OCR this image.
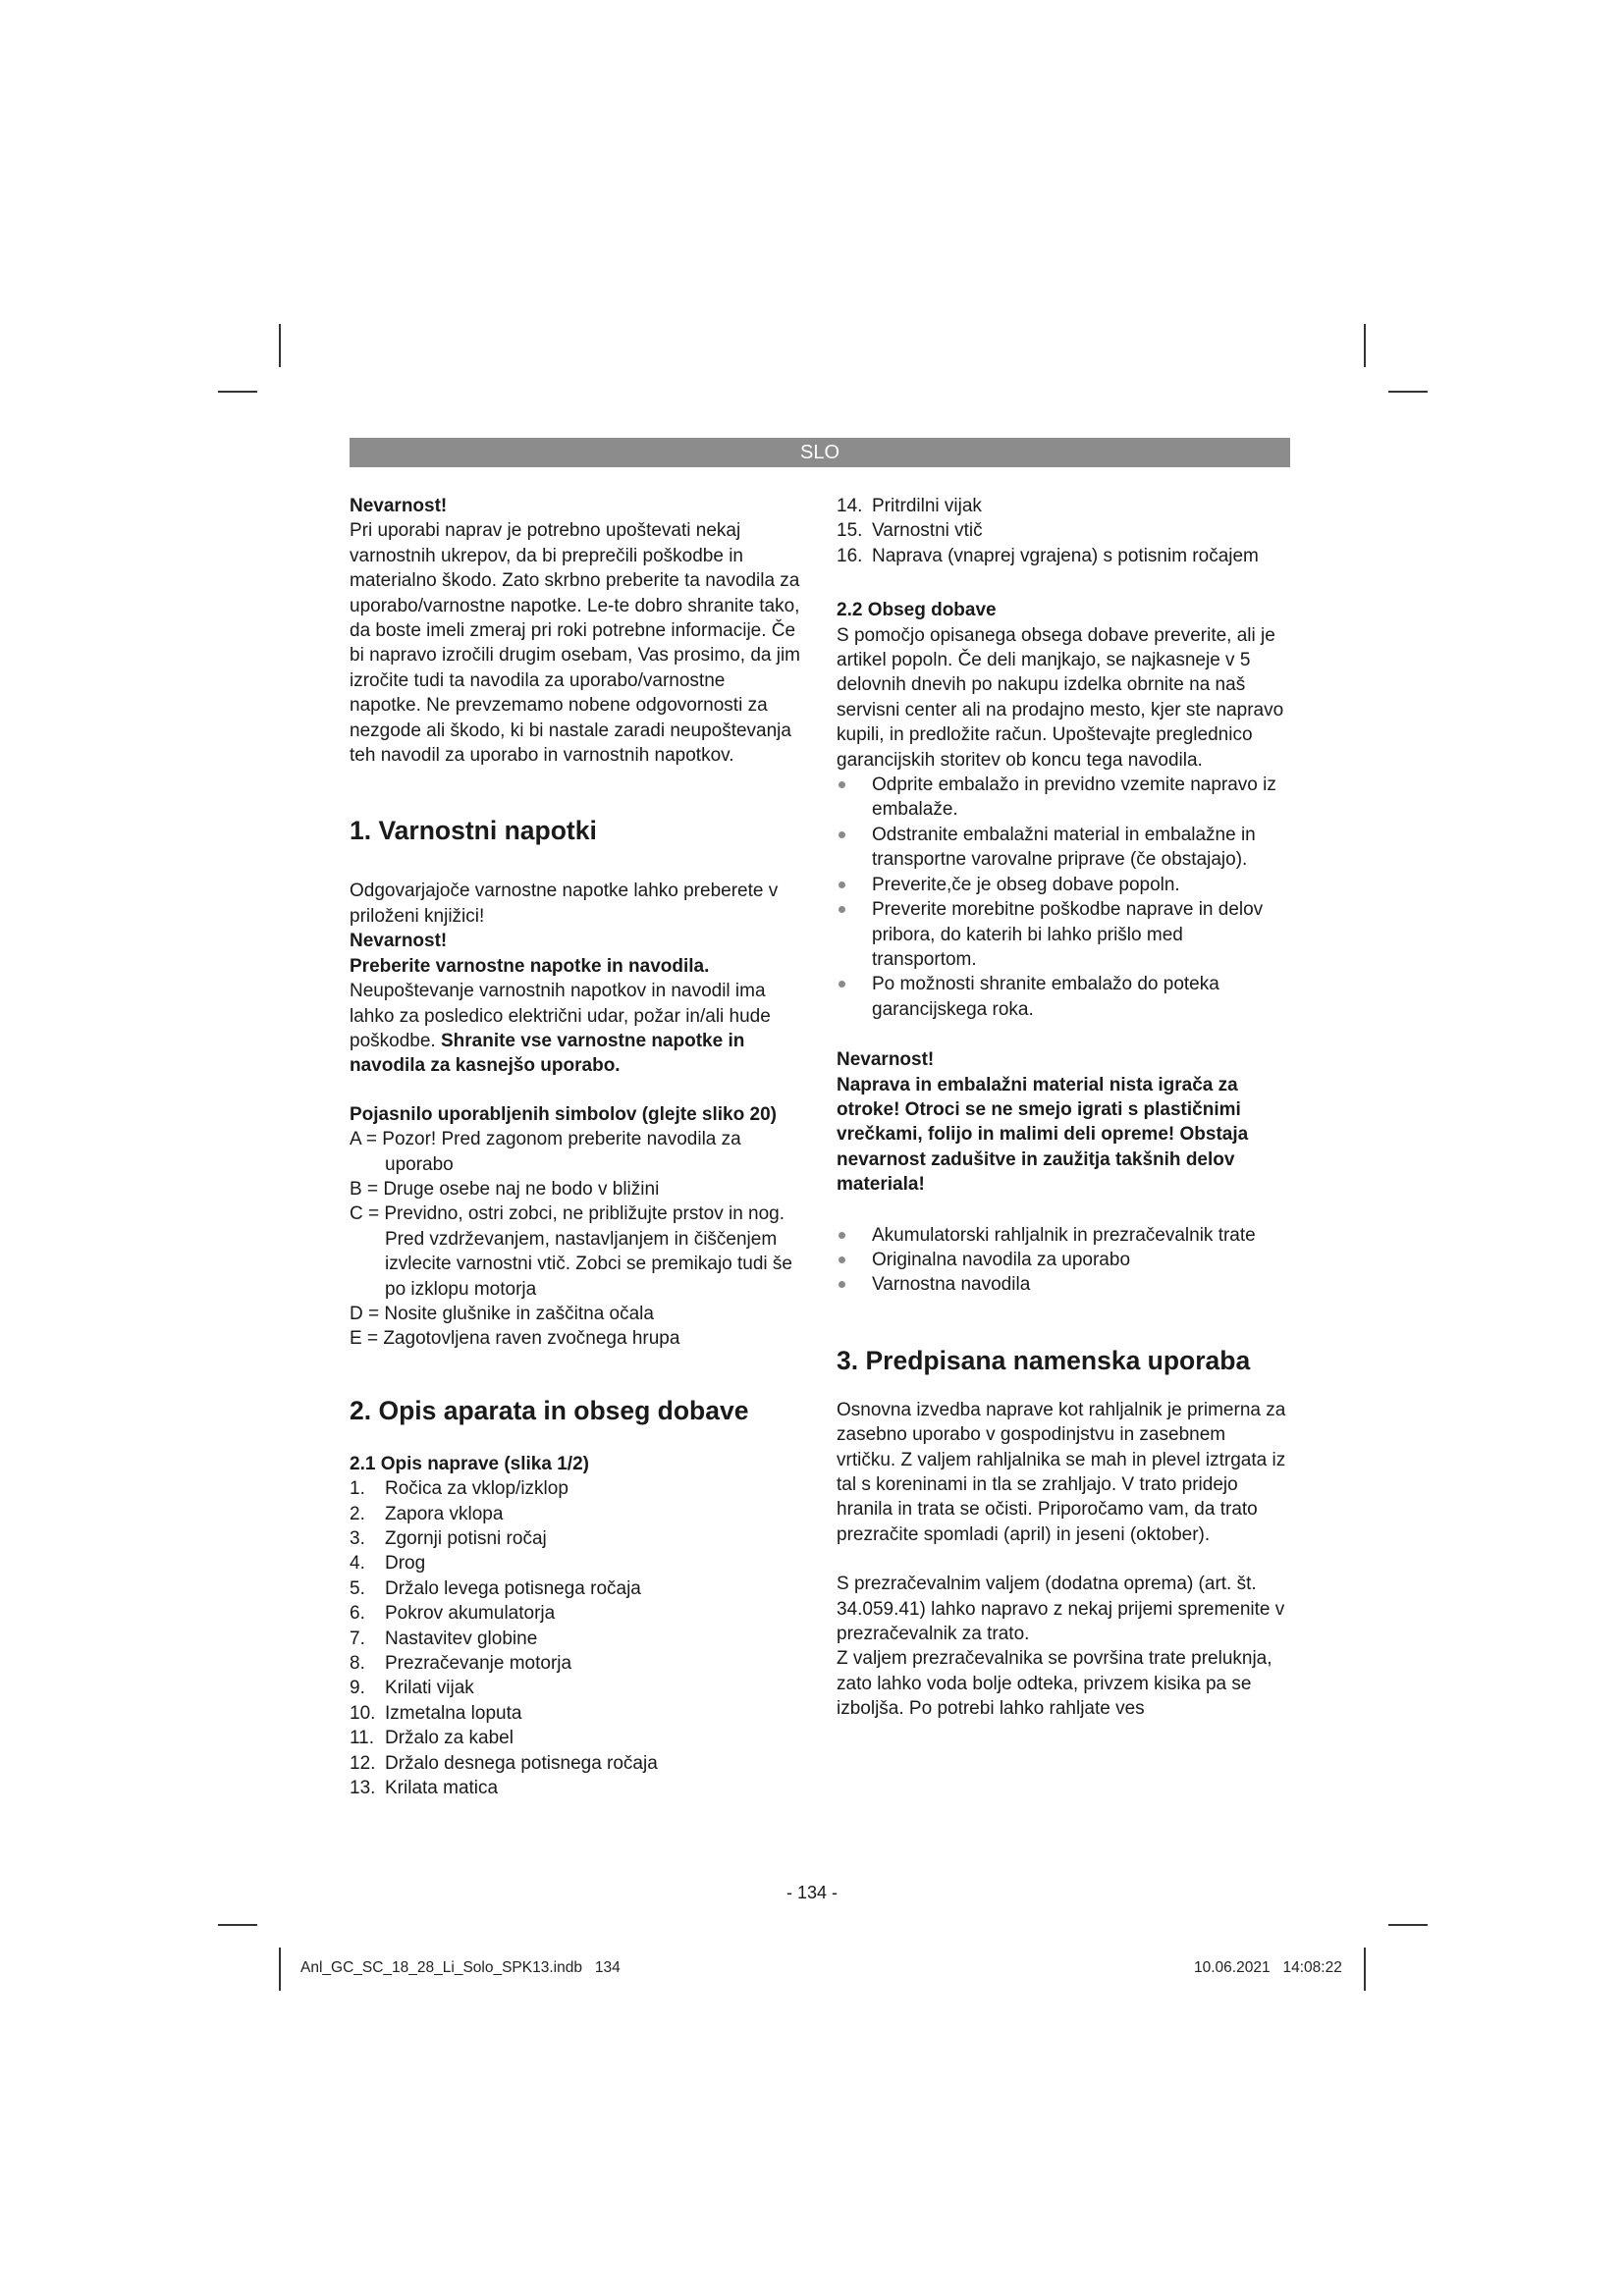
SLO

Nevarnost!

Pri uporabi naprav je potrebno upoštevati nekaj varnostnih ukrepov, da bi preprečili poškodbe in materialno škodo. Zato skrbno preberite ta navodila za uporabo/varnostne napotke. Le-te dobro shranite tako, da boste imeli zmeraj pri roki potrebne informacije. Če bi napravo izročili drugim osebam, Vas prosimo, da jim izročite tudi ta navodila za uporabo/varnostne napotke. Ne prevzemamo nobene odgovornosti za nezgode ali škodo, ki bi nastale zaradi neupoštevanja teh navodil za uporabo in varnostnih napotkov.

1. Varnostni napotki

Odgovarjajoče varnostne napotke lahko preberete v priloženi knjižici!

Nevarnost!

Preberite varnostne napotke in navodila.

Neupoštevanje varnostnih napotkov in navodil ima lahko za posledico električni udar, požar in/ali hude poškodbe. Shranite vse varnostne napotke in navodila za kasnejšo uporabo.

Pojasnilo uporabljenih simbolov (glejte sliko 20)

A = Pozor! Pred zagonom preberite navodila za uporabo

B = Druge osebe naj ne bodo v bližini

C = Previdno, ostri zobci, ne približujte prstov in nog. Pred vzdrževanjem, nastavljanjem in čiščenjem izvlecite varnostni vtič. Zobci se premikajo tudi še po izklopu motorja

D = Nosite glušnike in zaščitna očala

E = Zagotovljena raven zvočnega hrupa

2. Opis aparata in obseg dobave
2.1 Opis naprave (slika 1/2)
1.	Ročica za vklop/izklop
2.	Zapora vklopa
3.	Zgornji potisni ročaj
4.	Drog
5.	Držalo levega potisnega ročaja
6.	Pokrov akumulatorja
7.	Nastavitev globine
8.	Prezračevanje motorja
9.	Krilati vijak
10. Izmetalna loputa
11. Držalo za kabel
12. Držalo desnega potisnega ročaja
13. Krilata matica
14. Pritrdilni vijak
15. Varnostni vtič
16. Naprava (vnaprej vgrajena) s potisnim ročajem
2.2 Obseg dobave

S pomočjo opisanega obsega dobave preverite, ali je artikel popoln. Če deli manjkajo, se najkasneje v 5 delovnih dnevih po nakupu izdelka obrnite na naš servisni center ali na prodajno mesto, kjer ste napravo kupili, in predložite račun. Upoštevajte preglednico garancijskih storitev ob koncu tega navodila.

Odprite embalažo in previdno vzemite napravo iz embalaže.
Odstranite embalažni material in embalažne in transportne varovalne priprave (če obstajajo).
Preverite,če je obseg dobave popoln.
Preverite morebitne poškodbe naprave in delov pribora, do katerih bi lahko prišlo med transportom.
Po možnosti shranite embalažo do poteka garancijskega roka.

Nevarnost!

Naprava in embalažni material nista igrača za otroke! Otroci se ne smejo igrati s plastičnimi vrečkami, folijo in malimi deli opreme! Obstaja nevarnost zadušitve in zaužitja takšnih delov materiala!

Akumulatorski rahljalnik in prezračevalnik trate
Originalna navodila za uporabo
Varnostna navodila
3. Predpisana namenska uporaba

Osnovna izvedba naprave kot rahljalnik je primerna za zasebno uporabo v gospodinjstvu in zasebnem vrtičku. Z valjem rahljalnika se mah in plevel iztrgata iz tal s koreninami in tla se zrahljajo. V trato pridejo hranila in trata se očisti. Priporočamo vam, da trato prezračite spomladi (april) in jeseni (oktober).

S prezračevalnim valjem (dodatna oprema) (art. št. 34.059.41) lahko napravo z nekaj prijemi spremenite v prezračevalnik za trato.

Z valjem prezračevalnika se površina trate preluknja, zato lahko voda bolje odteka, privzem kisika pa se izboljša. Po potrebi lahko rahljate ves

- 134 -
Anl_GC_SC_18_28_Li_Solo_SPK13.indb   134	10.06.2021 14:08:22
